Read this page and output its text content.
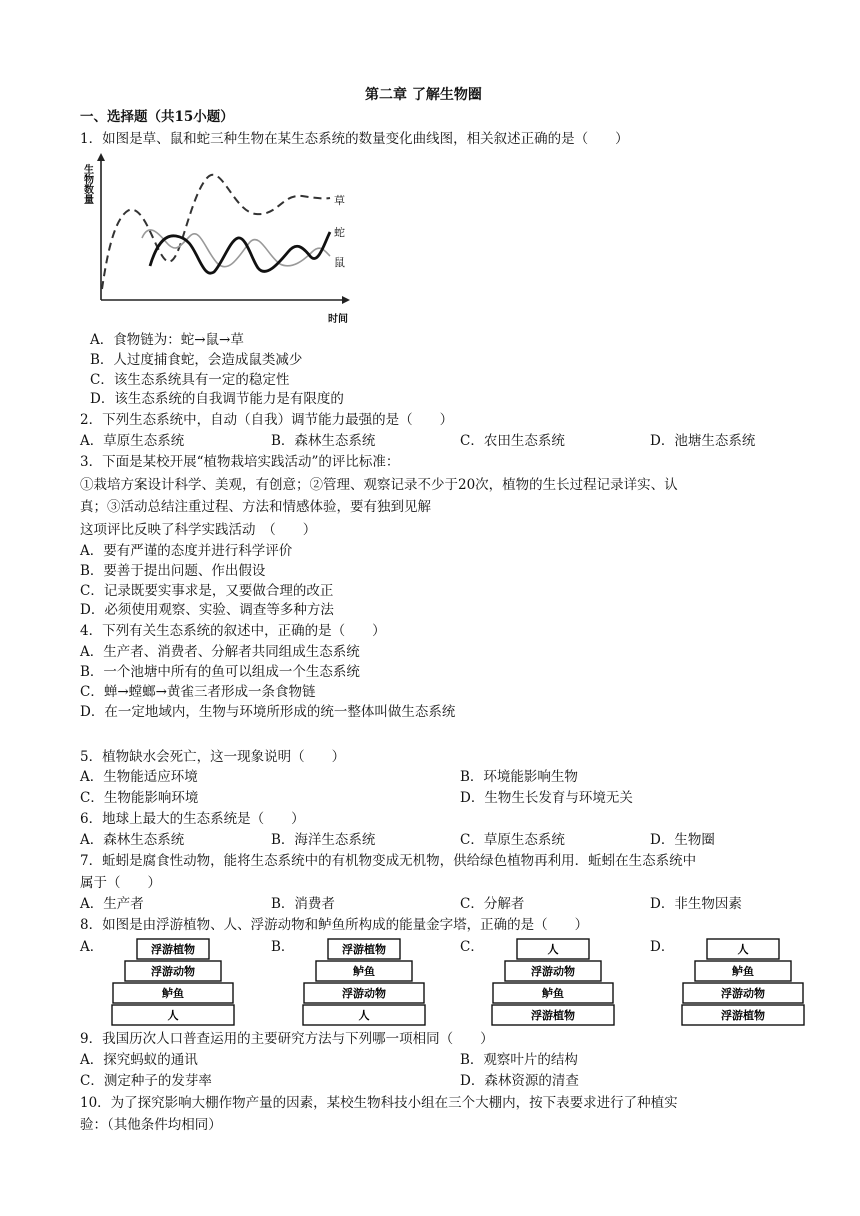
第二章 了解生物圈
一、选择题（共15小题）
1．如图是草、鼠和蛇三种生物在某生态系统的数量变化曲线图，相关叙述正确的是（　　）
生物数量
时间
草
蛇
鼠
A．食物链为：蛇→鼠→草
B．人过度捕食蛇，会造成鼠类减少
C．该生态系统具有一定的稳定性
D．该生态系统的自我调节能力是有限度的
2．下列生态系统中，自动（自我）调节能力最强的是（　　）
A．草原生态系统	B．森林生态系统	C．农田生态系统	D．池塘生态系统
3．下面是某校开展“植物栽培实践活动”的评比标准：
①栽培方案设计科学、美观，有创意；②管理、观察记录不少于20次，植物的生长过程记录详实、认
真；③活动总结注重过程、方法和情感体验，要有独到见解
这项评比反映了科学实践活动　（　　）
A．要有严谨的态度并进行科学评价
B．要善于提出问题、作出假设
C．记录既要实事求是，又要做合理的改正
D．必须使用观察、实验、调查等多种方法
4．下列有关生态系统的叙述中，正确的是（　　）
A．生产者、消费者、分解者共同组成生态系统
B．一个池塘中所有的鱼可以组成一个生态系统
C．蝉→螳螂→黄雀三者形成一条食物链
D．在一定地域内，生物与环境所形成的统一整体叫做生态系统
5．植物缺水会死亡，这一现象说明（　　）
A．生物能适应环境	B．环境能影响生物
C．生物能影响环境	D．生物生长发育与环境无关
6．地球上最大的生态系统是（　　）
A．森林生态系统	B．海洋生态系统	C．草原生态系统	D．生物圈
7．蚯蚓是腐食性动物，能将生态系统中的有机物变成无机物，供给绿色植物再利用．蚯蚓在生态系统中
属于（　　）
A．生产者	B．消费者	C．分解者	D．非生物因素
8．如图是由浮游植物、人、浮游动物和鲈鱼所构成的能量金字塔，正确的是（　　）
A．	浮游植物
浮游动物
鲈鱼
人
B．	浮游植物
鲈鱼
浮游动物
人
C．	人
浮游动物
鲈鱼
浮游植物
D．	人
鲈鱼
浮游动物
浮游植物
9．我国历次人口普查运用的主要研究方法与下列哪一项相同（　　）
A．探究蚂蚁的通讯	B．观察叶片的结构
C．测定种子的发芽率	D．森林资源的清查
10．为了探究影响大棚作物产量的因素，某校生物科技小组在三个大棚内，按下表要求进行了种植实
验：（其他条件均相同）
